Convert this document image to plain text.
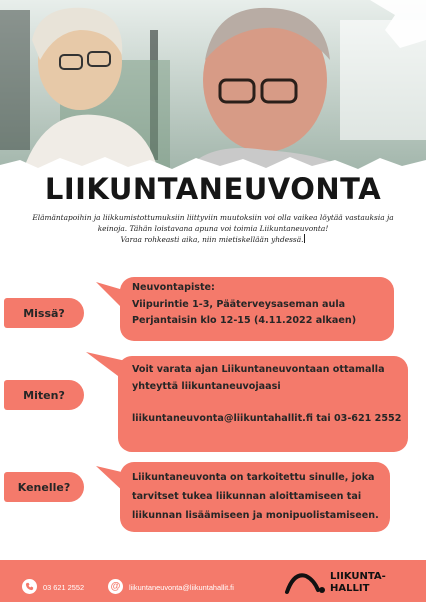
LIIKUNTANEUVONTA
Elämäntapoihin ja liikkumistottumuksiin liittyviin muutoksiin voi olla vaikea löytää vastauksia ja
keinoja. Tähän loistavana apuna voi toimia Liikuntaneuvonta!
Varaa rohkeasti aika, niin mietiskellään yhdessä.
Missä?
Neuvontapiste:
Viipurintie 1-3, Pääterveysaseman aula
Perjantaisin klo 12-15 (4.11.2022 alkaen)
Miten?
Voit varata ajan Liikuntaneuvontaan ottamalla
yhteyttä liikuntaneuvojaasi
liikuntaneuvonta@liikuntahallit.fi tai 03-621 2552
Kenelle?
Liikuntaneuvonta on tarkoitettu sinulle, joka
tarvitset tukea liikunnan aloittamiseen tai
liikunnan lisäämiseen ja monipuolistamiseen.
03 621 2552	@ liikuntaneuvonta@liikuntahallit.fi
LIIKUNTA-
HALLIT
